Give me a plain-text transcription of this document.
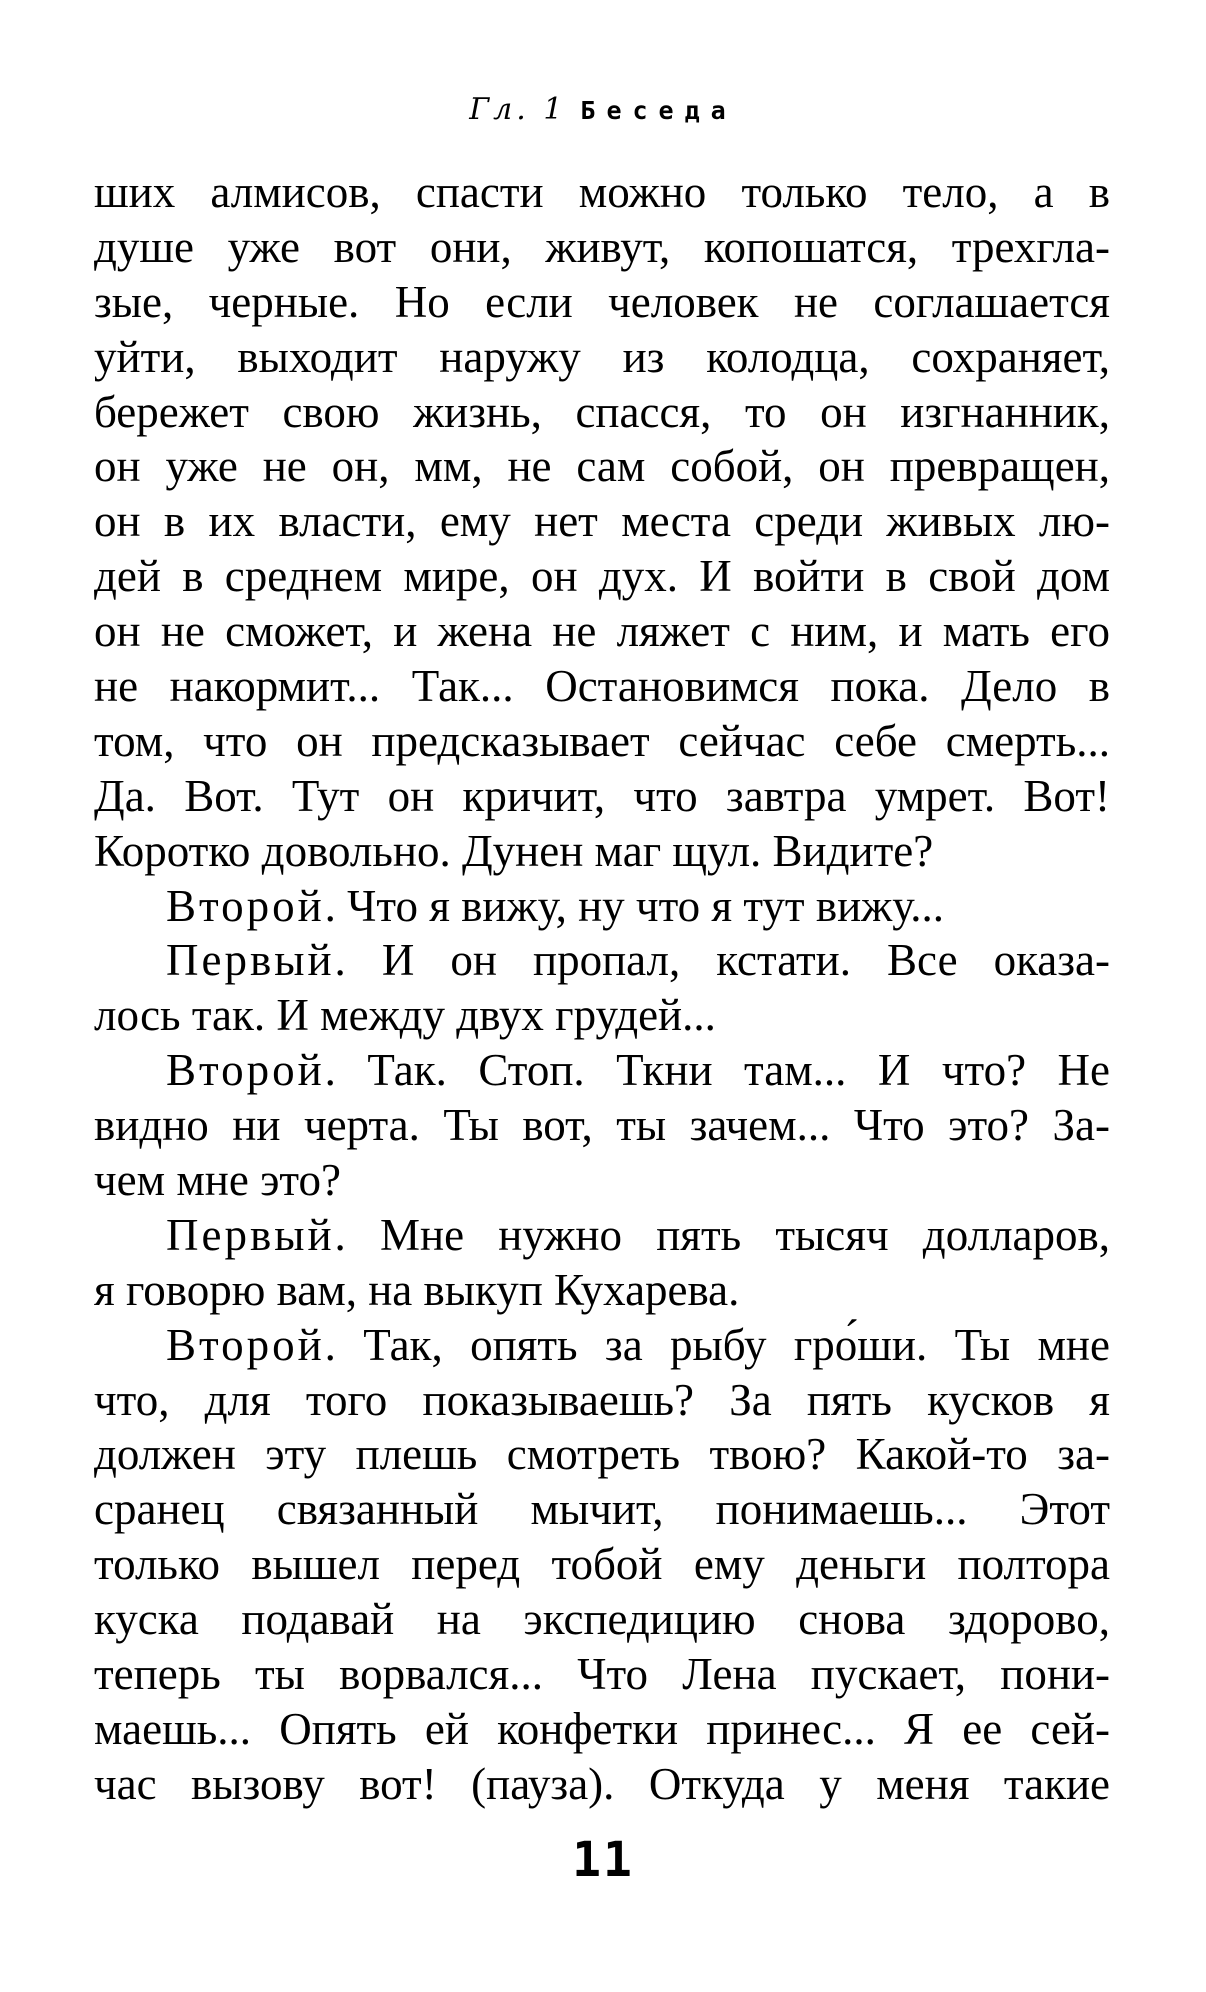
Гл. 1 Беседа
ших алмисов, спасти можно только тело, а в
душе уже вот они, живут, копошатся, трехгла-
зые, черные. Но если человек не соглашается
уйти, выходит наружу из колодца, сохраняет,
бережет свою жизнь, спасся, то он изгнанник,
он уже не он, мм, не сам собой, он превращен,
он в их власти, ему нет места среди живых лю-
дей в среднем мире, он дух. И войти в свой дом
он не сможет, и жена не ляжет с ним, и мать его
не накормит... Так... Остановимся пока. Дело в
том, что он предсказывает сейчас себе смерть...
Да. Вот. Тут он кричит, что завтра умрет. Вот!
Коротко довольно. Дунен маг щул. Видите?
Второй. Что я вижу, ну что я тут вижу...
Первый. И он пропал, кстати. Все оказа-
лось так. И между двух грудей...
Второй. Так. Стоп. Ткни там... И что? Не
видно ни черта. Ты вот, ты зачем... Что это? За-
чем мне это?
Первый. Мне нужно пять тысяч долларов,
я говорю вам, на выкуп Кухарева.
Второй. Так, опять за рыбу гро́ши. Ты мне
что, для того показываешь? За пять кусков я
должен эту плешь смотреть твою? Какой-то за-
сранец связанный мычит, понимаешь... Этот
только вышел перед тобой ему деньги полтора
куска подавай на экспедицию снова здорово,
теперь ты ворвался... Что Лена пускает, пони-
маешь... Опять ей конфетки принес... Я ее сей-
час вызову вот! (пауза). Откуда у меня такие
11
